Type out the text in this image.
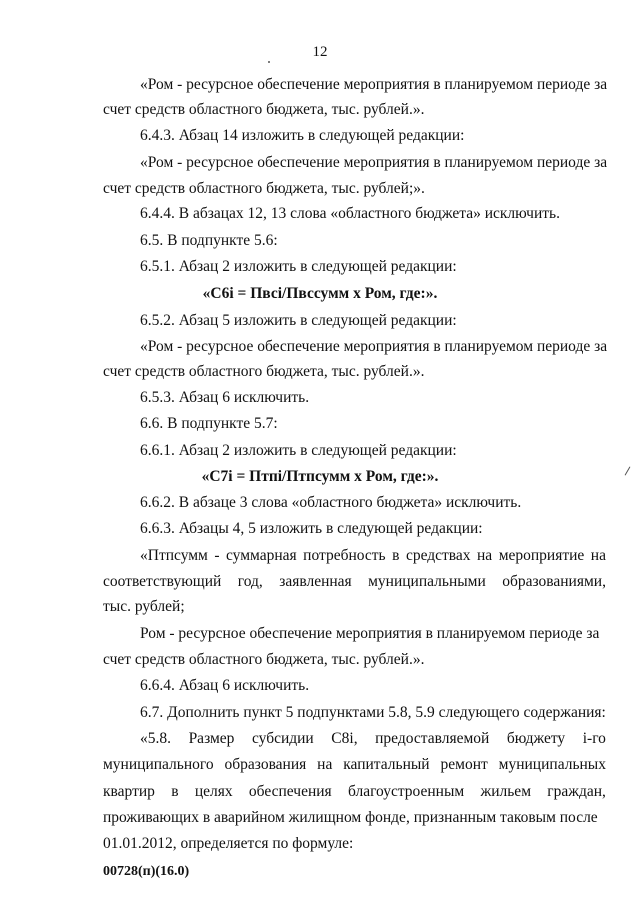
12
«Ром - ресурсное обеспечение мероприятия в планируемом периоде за
счет средств областного бюджета, тыс. рублей.».
6.4.3. Абзац 14 изложить в следующей редакции:
«Ром - ресурсное обеспечение мероприятия в планируемом периоде за
счет средств областного бюджета, тыс. рублей;».
6.4.4. В абзацах 12, 13 слова «областного бюджета» исключить.
6.5. В подпункте 5.6:
6.5.1. Абзац 2 изложить в следующей редакции:
«С6i = Пвсi/Пвссумм х Ром, где:».
6.5.2. Абзац 5 изложить в следующей редакции:
«Ром - ресурсное обеспечение мероприятия в планируемом периоде за
счет средств областного бюджета, тыс. рублей.».
6.5.3. Абзац 6 исключить.
6.6. В подпункте 5.7:
6.6.1. Абзац 2 изложить в следующей редакции:
«С7i = Птпi/Птпсумм х Ром, где:».
6.6.2. В абзаце 3 слова «областного бюджета» исключить.
6.6.3. Абзацы 4, 5 изложить в следующей редакции:
«Птпсумм - суммарная потребность в средствах на мероприятие на
соответствующий год, заявленная муниципальными образованиями,
тыс. рублей;
Ром - ресурсное обеспечение мероприятия в планируемом периоде за
счет средств областного бюджета, тыс. рублей.».
6.6.4. Абзац 6 исключить.
6.7. Дополнить пункт 5 подпунктами 5.8, 5.9 следующего содержания:
«5.8. Размер субсидии С8i, предоставляемой бюджету i-го
муниципального образования на капитальный ремонт муниципальных
квартир в целях обеспечения благоустроенным жильем граждан,
проживающих в аварийном жилищном фонде, признанным таковым после
01.01.2012, определяется по формуле:
00728(п)(16.0)
